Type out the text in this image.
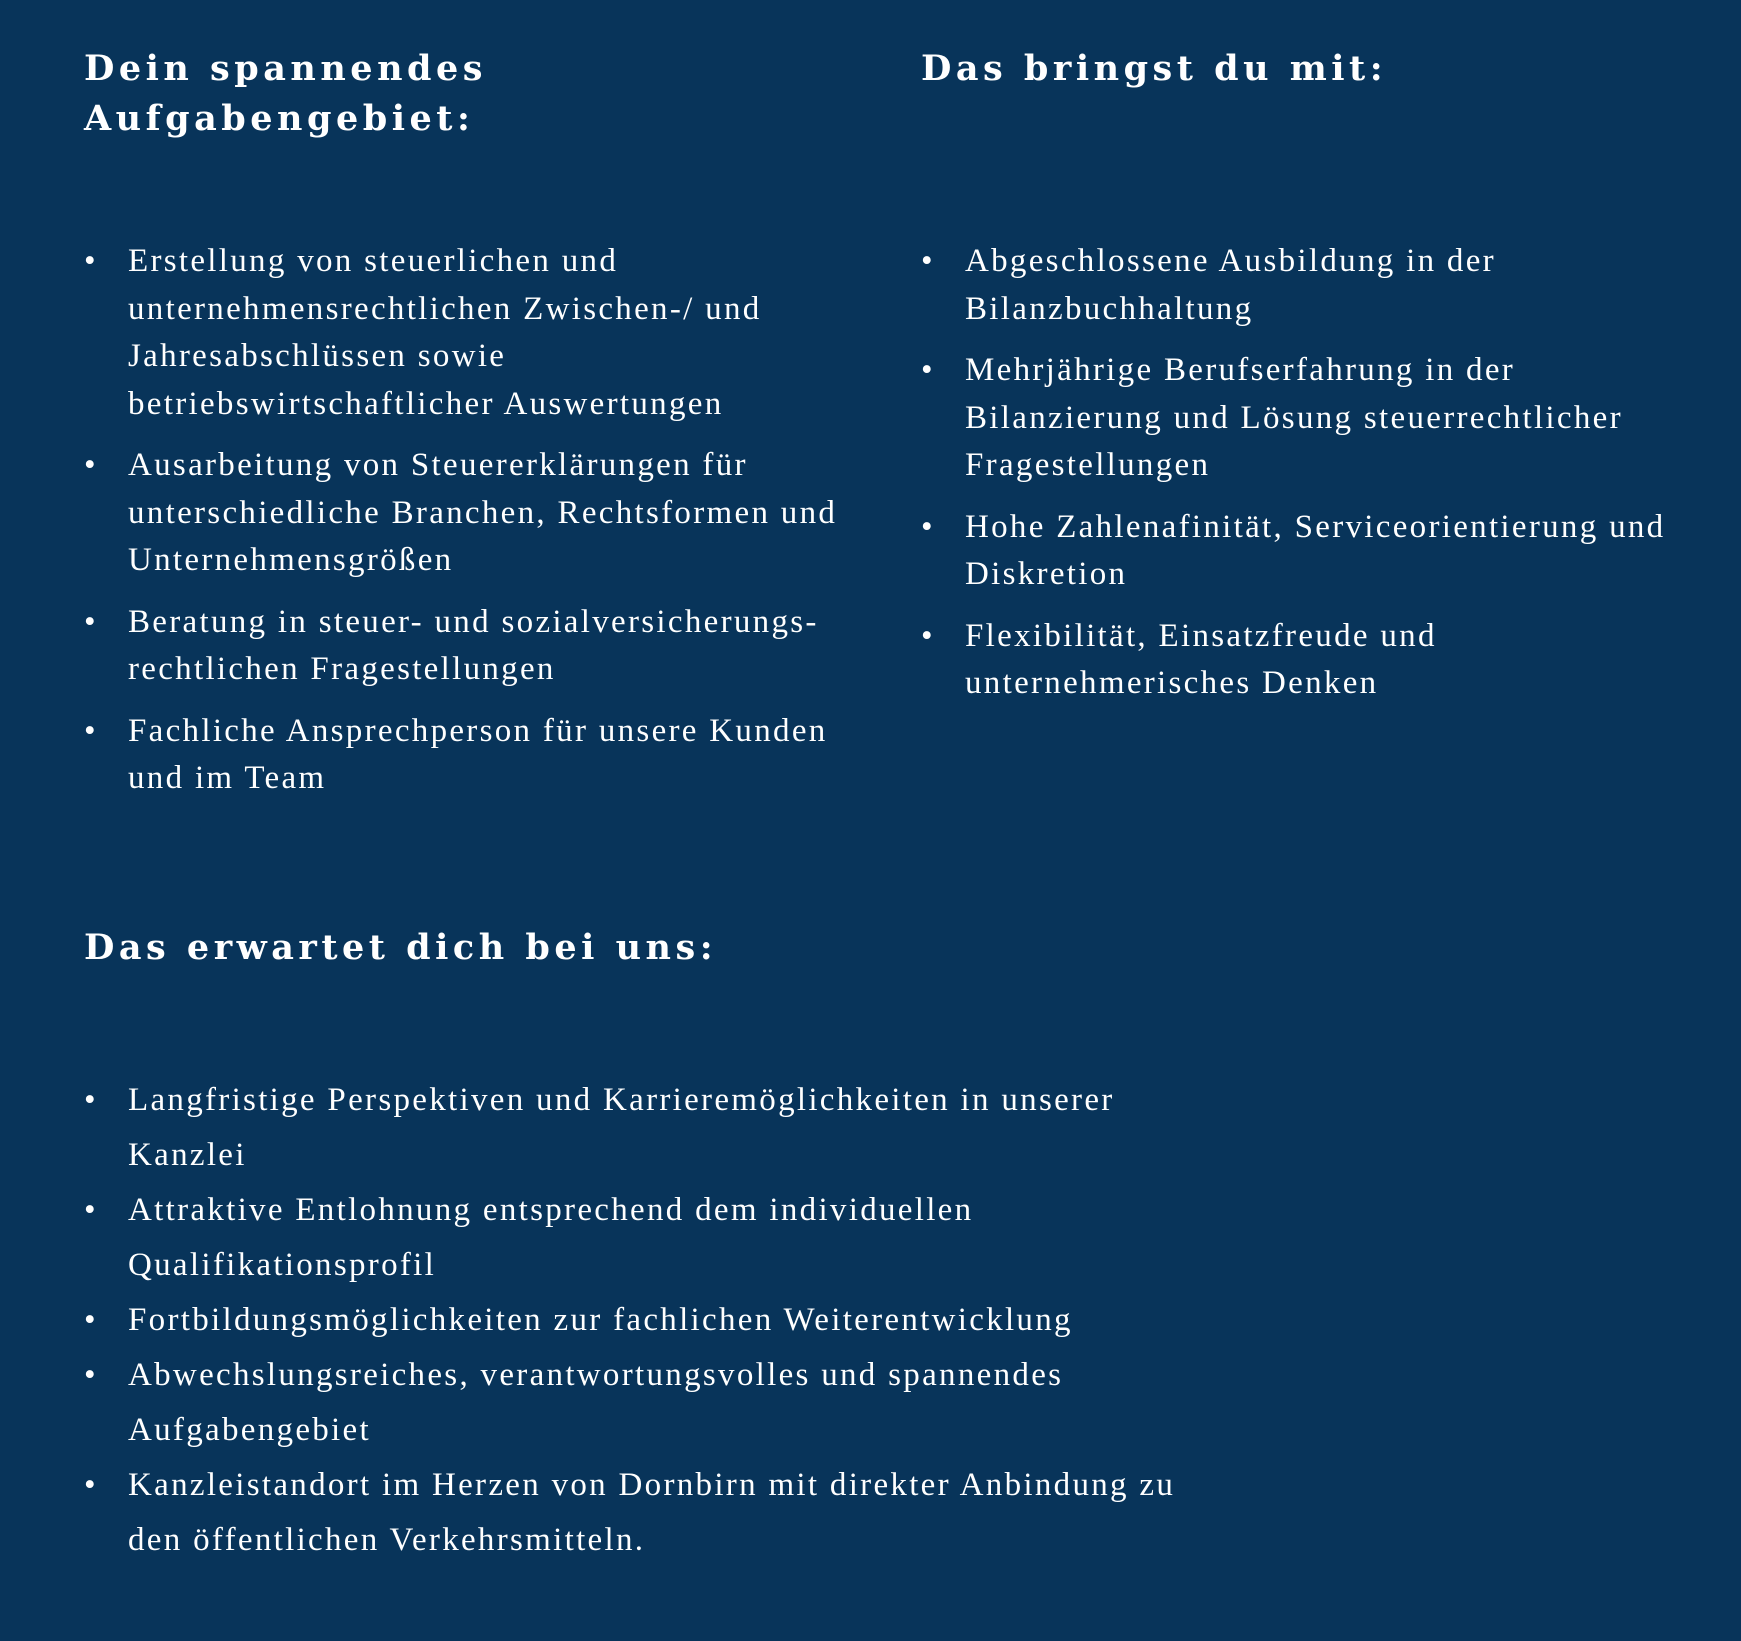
Dein spannendes Aufgabengebiet:
• Erstellung von steuerlichen und unternehmensrechtlichen Zwischen-/ und Jahresabschlüssen sowie betriebswirtschaftlicher Auswertungen
• Ausarbeitung von Steuererklärungen für unterschiedliche Branchen, Rechtsformen und Unternehmensgrößen
• Beratung in steuer- und sozialversicherungs- rechtlichen Fragestellungen
• Fachliche Ansprechperson für unsere Kunden und im Team
Das bringst du mit:
• Abgeschlossene Ausbildung in der Bilanzbuchhaltung
• Mehrjährige Berufserfahrung in der Bilanzierung und Lösung steuerrechtlicher Fragestellungen
• Hohe Zahlenafinität, Serviceorientierung und Diskretion
• Flexibilität, Einsatzfreude und unternehmerisches Denken
Das erwartet dich bei uns:
• Langfristige Perspektiven und Karrieremöglichkeiten in unserer Kanzlei
• Attraktive Entlohnung entsprechend dem individuellen Qualifikationsprofil
• Fortbildungsmöglichkeiten zur fachlichen Weiterentwicklung
• Abwechslungsreiches, verantwortungsvolles und spannendes Aufgabengebiet
• Kanzleistandort im Herzen von Dornbirn mit direkter Anbindung zu den öffentlichen Verkehrsmitteln.
